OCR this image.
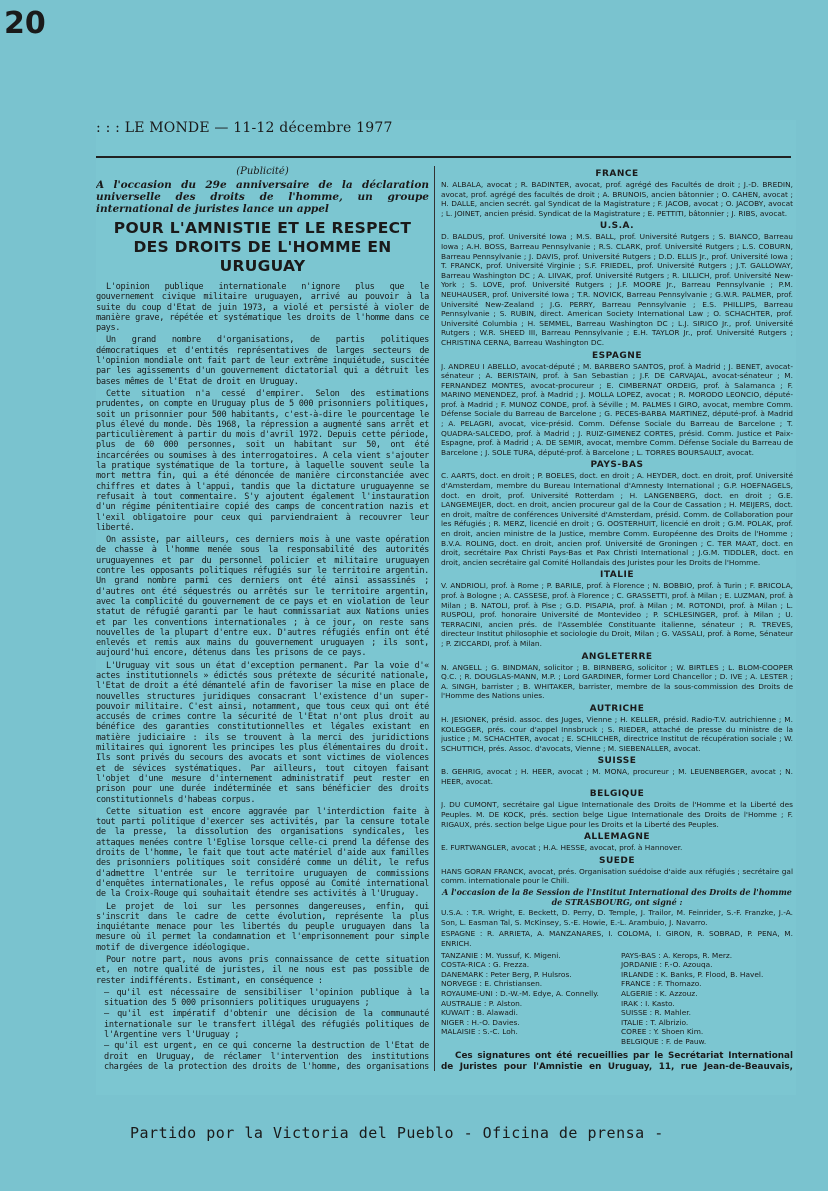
20
: : : LE MONDE — 11-12 décembre 1977
(Publicité)
A l'occasion du 29e anniversaire de la déclaration universelle des droits de l'homme, un groupe international de juristes lance un appel
POUR L'AMNISTIE ET LE RESPECT
DES DROITS DE L'HOMME EN URUGUAY

L'opinion publique internationale n'ignore plus que le gouvernement civique militaire uruguayen, arrivé au pouvoir à la suite du coup d'Etat de juin 1973, a violé et persisté à violer de manière grave, répétée et systématique les droits de l'homme dans ce pays.

Un grand nombre d'organisations, de partis politiques démocratiques et d'entités représentatives de larges secteurs de l'opinion mondiale ont fait part de leur extrême inquiétude, suscitée par les agissements d'un gouvernement dictatorial qui a détruit les bases mêmes de l'Etat de droit en Uruguay.

Cette situation n'a cessé d'empirer. Selon des estimations prudentes, on compte en Uruguay plus de 5 000 prisonniers politiques, soit un prisonnier pour 500 habitants, c'est-à-dire le pourcentage le plus élevé du monde. Dès 1968, la répression a augmenté sans arrêt et particulièrement à partir du mois d'avril 1972. Depuis cette période, plus de 60 000 personnes, soit un habitant sur 50, ont été incarcérées ou soumises à des interrogatoires. A cela vient s'ajouter la pratique systématique de la torture, à laquelle souvent seule la mort mettra fin, qui a été dénoncée de manière circonstanciée avec chiffres et dates à l'appui, tandis que la dictature uruguayenne se refusait à tout commentaire. S'y ajoutent également l'instauration d'un régime pénitentiaire copié des camps de concentration nazis et l'exil obligatoire pour ceux qui parviendraient à recouvrer leur liberté.

On assiste, par ailleurs, ces derniers mois à une vaste opération de chasse à l'homme menée sous la responsabilité des autorités uruguayennes et par du personnel policier et militaire uruguayen contre les opposants politiques réfugiés sur le territoire argentin. Un grand nombre parmi ces derniers ont été ainsi assassinés ; d'autres ont été séquestrés ou arrêtés sur le territoire argentin, avec la complicité du gouvernement de ce pays et en violation de leur statut de réfugié garanti par le haut commissariat aux Nations unies et par les conventions internationales ; à ce jour, on reste sans nouvelles de la plupart d'entre eux. D'autres réfugiés enfin ont été enlevés et remis aux mains du gouvernement uruguayen ; ils sont, aujourd'hui encore, détenus dans les prisons de ce pays.

L'Uruguay vit sous un état d'exception permanent. Par la voie d'« actes institutionnels » édictés sous prétexte de sécurité nationale, l'Etat de droit a été démantelé afin de favoriser la mise en place de nouvelles structures juridiques consacrant l'existence d'un super-pouvoir militaire. C'est ainsi, notamment, que tous ceux qui ont été accusés de crimes contre la sécurité de l'Etat n'ont plus droit au bénéfice des garanties constitutionnelles et légales existant en matière judiciaire : ils se trouvent à la merci des juridictions militaires qui ignorent les principes les plus élémentaires du droit. Ils sont privés du secours des avocats et sont victimes de violences et de sévices systématiques. Par ailleurs, tout citoyen faisant l'objet d'une mesure d'internement administratif peut rester en prison pour une durée indéterminée et sans bénéficier des droits constitutionnels d'habeas corpus.

Cette situation est encore aggravée par l'interdiction faite à tout parti politique d'exercer ses activités, par la censure totale de la presse, la dissolution des organisations syndicales, les attaques menées contre l'Eglise lorsque celle-ci prend la défense des droits de l'homme, le fait que tout acte matériel d'aide aux familles des prisonniers politiques soit considéré comme un délit, le refus d'admettre l'entrée sur le territoire uruguayen de commissions d'enquêtes internationales, le refus opposé au Comité international de la Croix-Rouge qui souhaitait étendre ses activités à l'Uruguay.

Le projet de loi sur les personnes dangereuses, enfin, qui s'inscrit dans le cadre de cette évolution, représente la plus inquiétante menace pour les libertés du peuple uruguayen dans la mesure où il permet la condamnation et l'emprisonnement pour simple motif de divergence idéologique.

Pour notre part, nous avons pris connaissance de cette situation et, en notre qualité de juristes, il ne nous est pas possible de rester indifférents. Estimant, en conséquence :

— qu'il est nécessaire de sensibiliser l'opinion publique à la situation des 5 000 prisonniers politiques uruguayens ;
— qu'il est impératif d'obtenir une décision de la communauté internationale sur le transfert illégal des réfugiés politiques de l'Argentine vers l'Uruguay ;
— qu'il est urgent, en ce qui concerne la destruction de l'Etat de droit en Uruguay, de réclamer l'intervention des institutions chargées de la protection des droits de l'homme, des organisations

FRANCE

N. ALBALA, avocat ; R. BADINTER, avocat, prof. agrégé des Facultés de droit ; J.-D. BREDIN, avocat, prof. agrégé des facultés de droit ; A. BRUNOIS, ancien bâtonnier ; O. CAHEN, avocat ; H. DALLE, ancien secrét. gal Syndicat de la Magistrature ; F. JACOB, avocat ; O. JACOBY, avocat ; L. JOINET, ancien présid. Syndicat de la Magistrature ; E. PETTITI, bâtonnier ; J. RIBS, avocat.

U.S.A.

D. BALDUS, prof. Université Iowa ; M.S. BALL, prof. Université Rutgers ; S. BIANCO, Barreau Iowa ; A.H. BOSS, Barreau Pennsylvanie ; R.S. CLARK, prof. Université Rutgers ; L.S. COBURN, Barreau Pennsylvanie ; J. DAVIS, prof. Université Rutgers ; D.D. ELLIS Jr., prof. Université Iowa ; T. FRANCK, prof. Université Virginie ; S.F. FRIEDEL, prof. Université Rutgers ; J.T. GALLOWAY, Barreau Washington DC ; A. LIIVAK, prof. Université Rutgers ; R. LILLICH, prof. Université New-York ; S. LOVE, prof. Université Rutgers ; J.F. MOORE Jr., Barreau Pennsylvanie ; P.M. NEUHAUSER, prof. Université Iowa ; T.R. NOVICK, Barreau Pennsylvanie ; G.W.R. PALMER, prof. Université New-Zealand ; J.G. PERRY, Barreau Pennsylvanie ; E.S. PHILLIPS, Barreau Pennsylvanie ; S. RUBIN, direct. American Society International Law ; O. SCHACHTER, prof. Université Columbia ; H. SEMMEL, Barreau Washington DC ; L.J. SIRICO Jr., prof. Université Rutgers ; W.R. SHEED III, Barreau Pennsylvanie ; E.H. TAYLOR Jr., prof. Université Rutgers ; CHRISTINA CERNA, Barreau Washington DC.

ESPAGNE

J. ANDREU I ABELLO, avocat-député ; M. BARBERO SANTOS, prof. à Madrid ; J. BENET, avocat-sénateur ; A. BERISTAIN, prof. à San Sebastian ; J.F. DE CARVAJAL, avocat-sénateur ; M. FERNANDEZ MONTES, avocat-procureur ; E. CIMBERNAT ORDEIG, prof. à Salamanca ; F. MARINO MENENDEZ, prof. à Madrid ; J. MOLLA LOPEZ, avocat ; R. MORODO LEONCIO, député-prof. à Madrid ; F. MUNOZ CONDE, prof. à Séville ; M. PALMES I GIRO, avocat, membre Comm. Défense Sociale du Barreau de Barcelone ; G. PECES-BARBA MARTINEZ, député-prof. à Madrid ; A. PELAGRI, avocat, vice-présid. Comm. Défense Sociale du Barreau de Barcelone ; T. QUADRA-SALCEDO, prof. à Madrid ; J. RUIZ-GIMENEZ CORTES, présid. Comm. Justice et Paix-Espagne, prof. à Madrid ; A. DE SEMIR, avocat, membre Comm. Défense Sociale du Barreau de Barcelone ; J. SOLE TURA, député-prof. à Barcelone ; L. TORRES BOURSAULT, avocat.

PAYS-BAS

C. AARTS, doct. en droit ; P. BOELES, doct. en droit ; A. HEYDER, doct. en droit, prof. Université d'Amsterdam, membre du Bureau International d'Amnesty International ; G.P. HOEFNAGELS, doct. en droit, prof. Université Rotterdam ; H. LANGENBERG, doct. en droit ; G.E. LANGEMEIJER, doct. en droit, ancien procureur gal de la Cour de Cassation ; H. MEIJERS, doct. en droit, maître de conférences Université d'Amsterdam, présid. Comm. de Collaboration pour les Réfugiés ; R. MERZ, licencié en droit ; G. OOSTERHUIT, licencié en droit ; G.M. POLAK, prof. en droit, ancien ministre de la Justice, membre Comm. Européenne des Droits de l'Homme ; B.V.A. ROLING, doct. en droit, ancien prof. Université de Groningen ; C. TER MAAT, doct. en droit, secrétaire Pax Christi Pays-Bas et Pax Christi International ; J.G.M. TIDDLER, doct. en droit, ancien secrétaire gal Comité Hollandais des Juristes pour les Droits de l'Homme.

ITALIE

V. ANDRIOLI, prof. à Rome ; P. BARILE, prof. à Florence ; N. BOBBIO, prof. à Turin ; F. BRICOLA, prof. à Bologne ; A. CASSESE, prof. à Florence ; C. GRASSETTI, prof. à Milan ; E. LUZMAN, prof. à Milan ; B. NATOLI, prof. à Pise ; G.D. PISAPIA, prof. à Milan ; M. ROTONDI, prof. à Milan ; L. RUSPOLI, prof. honoraire Université de Montevideo ; P. SCHLESINGER, prof. à Milan ; U. TERRACINI, ancien prés. de l'Assemblée Constituante italienne, sénateur ; R. TREVES, directeur Institut philosophie et sociologie du Droit, Milan ; G. VASSALI, prof. à Rome, Sénateur ; P. ZICCARDI, prof. à Milan.

ANGLETERRE

N. ANGELL ; G. BINDMAN, solicitor ; B. BIRNBERG, solicitor ; W. BIRTLES ; L. BLOM-COOPER Q.C. ; R. DOUGLAS-MANN, M.P. ; Lord GARDINER, former Lord Chancellor ; D. IVE ; A. LESTER ; A. SINGH, barrister ; B. WHITAKER, barrister, membre de la sous-commission des Droits de l'Homme des Nations unies.

AUTRICHE

H. JESIONEK, présid. assoc. des Juges, Vienne ; H. KELLER, présid. Radio-T.V. autrichienne ; M. KOLEGGER, prés. cour d'appel Innsbruck ; S. RIEDER, attaché de presse du ministre de la justice ; M. SCHACHTER, avocat ; E. SCHILCHER, directrice Institut de récupération sociale ; W. SCHUTTICH, prés. Assoc. d'avocats, Vienne ; M. SIEBENALLER, avocat.

SUISSE

B. GEHRIG, avocat ; H. HEER, avocat ; M. MONA, procureur ; M. LEUENBERGER, avocat ; N. HEER, avocat.

BELGIQUE

J. DU CUMONT, secrétaire gal Ligue Internationale des Droits de l'Homme et la Liberté des Peuples. M. DE KOCK, prés. section belge Ligue Internationale des Droits de l'Homme ; F. RIGAUX, prés. section belge Ligue pour les Droits et la Liberté des Peuples.

ALLEMAGNE

E. FURTWANGLER, avocat ; H.A. HESSE, avocat, prof. à Hannover.

SUEDE

HANS GORAN FRANCK, avocat, prés. Organisation suédoise d'aide aux réfugiés ; secrétaire gal comm. internationale pour le Chili.

A l'occasion de la 8e Session de l'Institut International des Droits de l'homme de STRASBOURG, ont signé :

U.S.A. : T.R. Wright, E. Beckett, D. Perry, D. Temple, J. Trailor, M. Feinrider, S.-F. Franzke, J.-A. Son, L. Easman Tal, S. McKinsey, S.-E. Howie, E.-L. Arambuio, J. Navarro.

ESPAGNE : R. ARRIETA, A. MANZANARES, I. COLOMA, I. GIRON, R. SOBRAD, P. PENA, M. ENRICH.

TANZANIE : M. Yussuf, K. Migeni.
COSTA-RICA : G. Frezza.
DANEMARK : Peter Berg, P. Hulsros.
NORVEGE : E. Christiansen.
ROYAUME-UNI : D.-W.-M. Edye, A. Connelly.
AUSTRALIE : P. Alston.
KUWAIT : B. Alawadi.
NIGER : H.-O. Davies.
MALAISIE : S.-C. Loh.
PAYS-BAS : A. Kerops, R. Merz.
JORDANIE : F.-O. Azouqa.
IRLANDE : K. Banks, P. Flood, B. Havel.
FRANCE : F. Thomazo.
ALGERIE : K. Azzouz.
IRAK : I. Kasto.
SUISSE : R. Mahler.
ITALIE : T. Albrizio.
COREE : Y. Shoen Kim.
BELGIQUE : F. de Pauw.
Ces signatures ont été recueillies par le Secrétariat International de Juristes pour l'Amnistie en Uruguay, 11, rue Jean-de-Beauvais,
Partido por la Victoria del Pueblo - Oficina de prensa -
